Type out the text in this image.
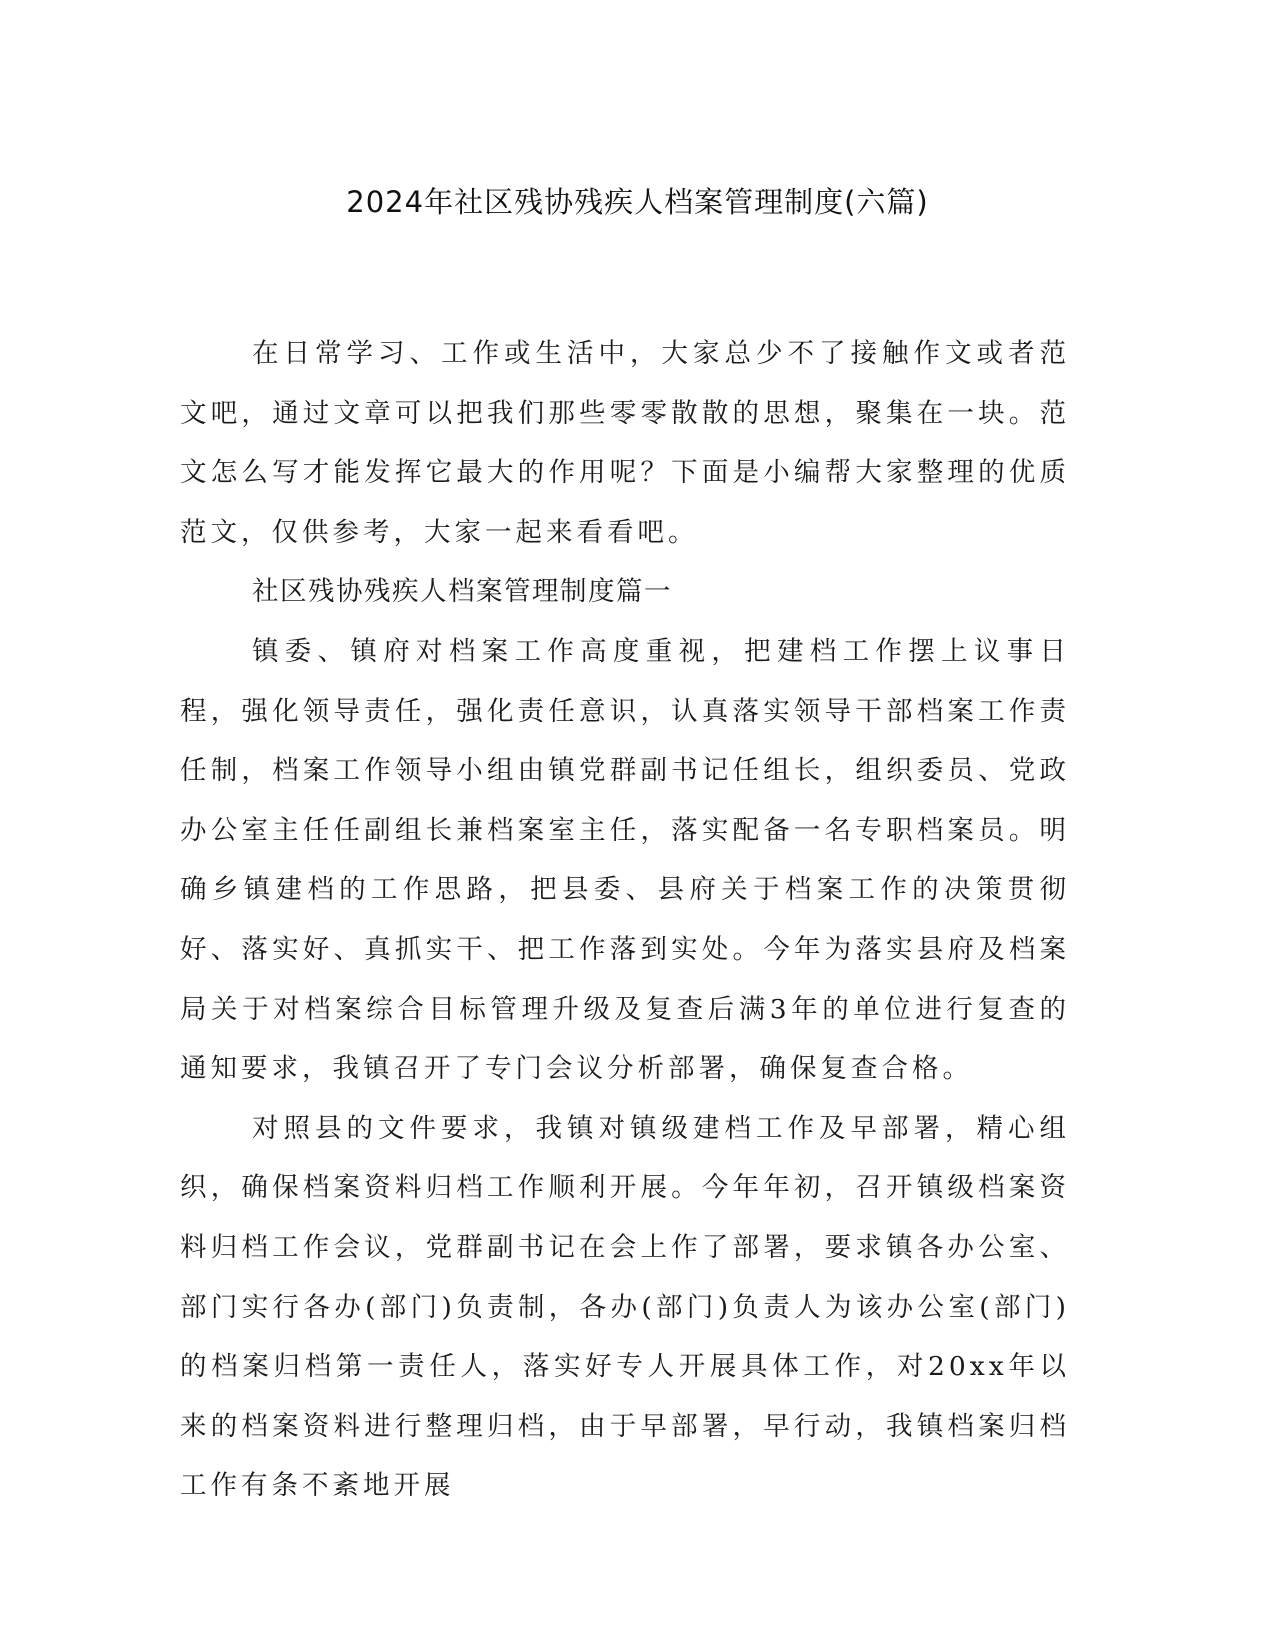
2024年社区残协残疾人档案管理制度(六篇)

在日常学习、工作或生活中，大家总少不了接触作文或者范文吧，通过文章可以把我们那些零零散散的思想，聚集在一块。范文怎么写才能发挥它最大的作用呢？下面是小编帮大家整理的优质范文，仅供参考，大家一起来看看吧。

社区残协残疾人档案管理制度篇一

镇委、镇府对档案工作高度重视，把建档工作摆上议事日程，强化领导责任，强化责任意识，认真落实领导干部档案工作责任制，档案工作领导小组由镇党群副书记任组长，组织委员、党政办公室主任任副组长兼档案室主任，落实配备一名专职档案员。明确乡镇建档的工作思路，把县委、县府关于档案工作的决策贯彻好、落实好、真抓实干、把工作落到实处。今年为落实县府及档案局关于对档案综合目标管理升级及复查后满3年的单位进行复查的通知要求，我镇召开了专门会议分析部署，确保复查合格。

对照县的文件要求，我镇对镇级建档工作及早部署，精心组织，确保档案资料归档工作顺利开展。今年年初，召开镇级档案资料归档工作会议，党群副书记在会上作了部署，要求镇各办公室、部门实行各办(部门)负责制，各办(部门)负责人为该办公室(部门)的档案归档第一责任人，落实好专人开展具体工作，对20xx年以来的档案资料进行整理归档，由于早部署，早行动，我镇档案归档工作有条不紊地开展
